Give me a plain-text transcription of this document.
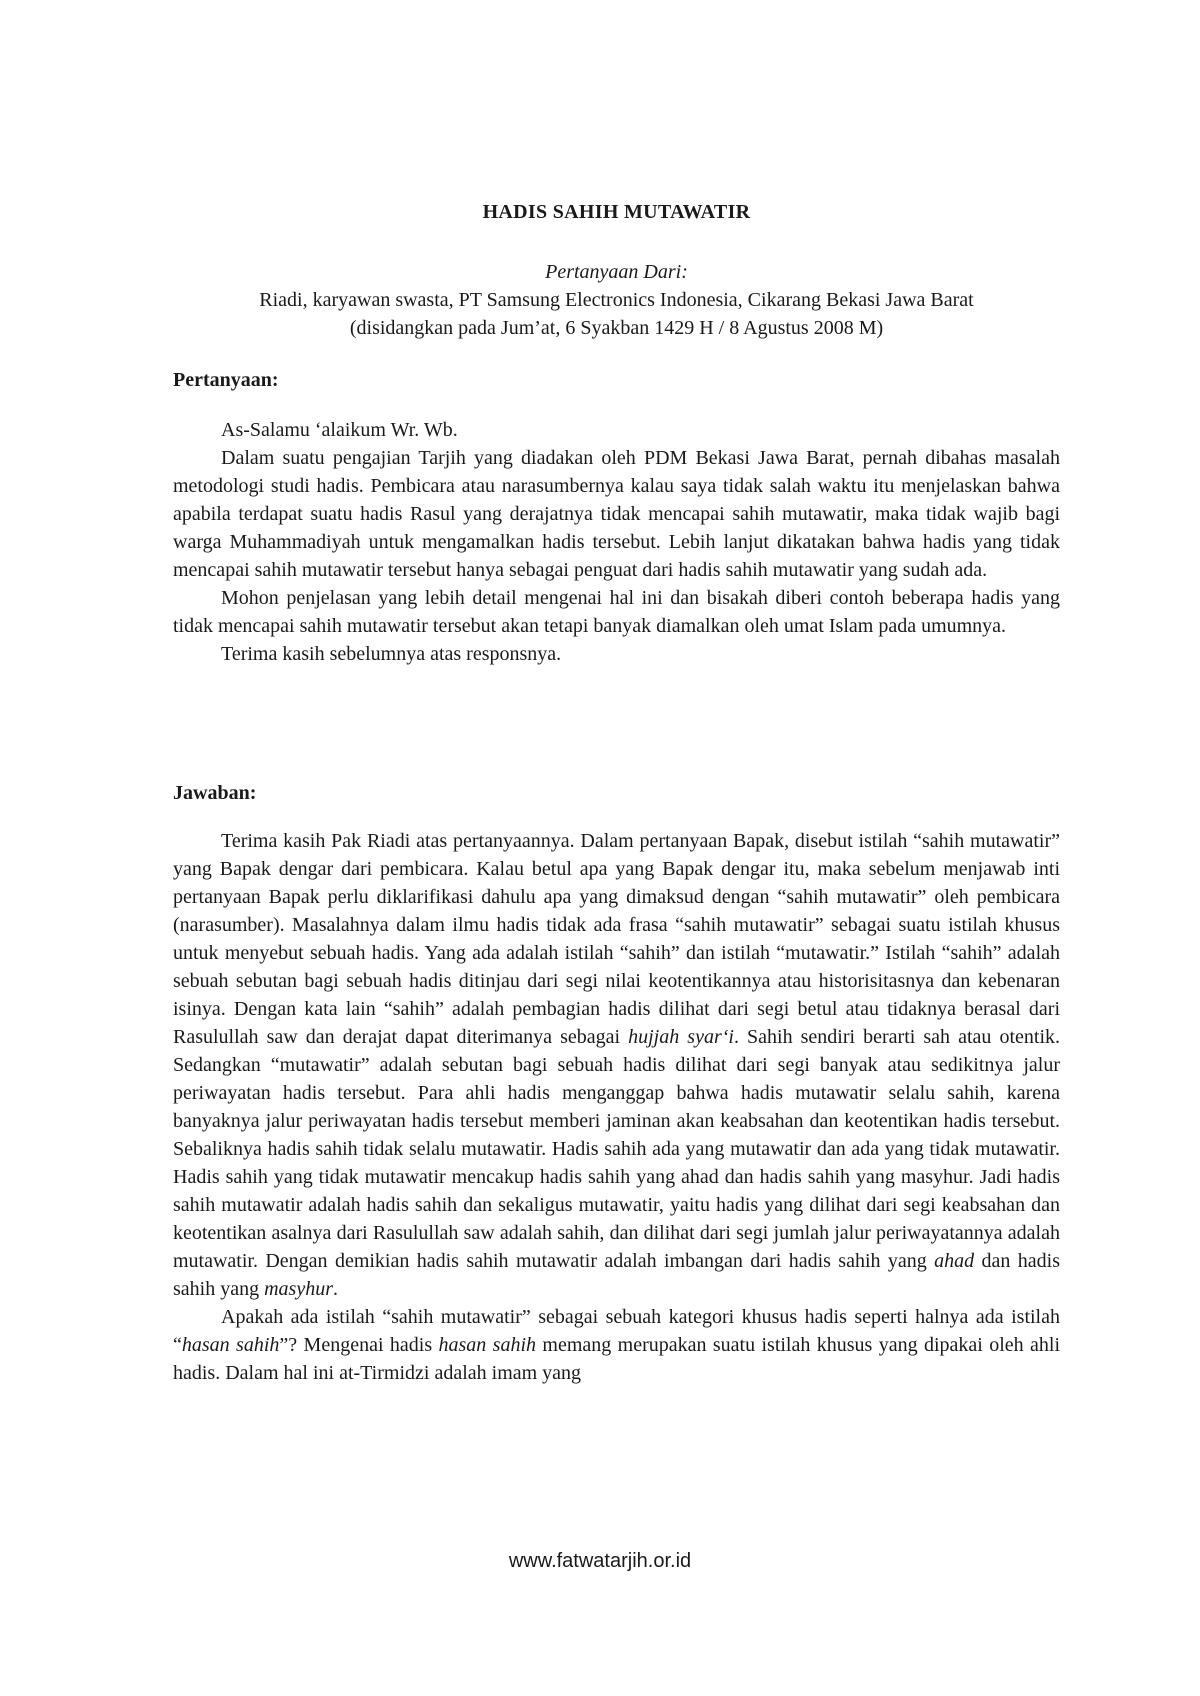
HADIS SAHIH MUTAWATIR
Pertanyaan Dari:
Riadi, karyawan swasta, PT Samsung Electronics Indonesia, Cikarang Bekasi Jawa Barat
(disidangkan pada Jum’at, 6 Syakban 1429 H / 8 Agustus 2008 M)
Pertanyaan:

As-Salamu ‘alaikum Wr. Wb.

Dalam suatu pengajian Tarjih yang diadakan oleh PDM Bekasi Jawa Barat, pernah dibahas masalah metodologi studi hadis. Pembicara atau narasumbernya kalau saya tidak salah waktu itu menjelaskan bahwa apabila terdapat suatu hadis Rasul yang derajatnya tidak mencapai sahih mutawatir, maka tidak wajib bagi warga Muhammadiyah untuk mengamalkan hadis tersebut. Lebih lanjut dikatakan bahwa hadis yang tidak mencapai sahih mutawatir tersebut hanya sebagai penguat dari hadis sahih mutawatir yang sudah ada.

Mohon penjelasan yang lebih detail mengenai hal ini dan bisakah diberi contoh beberapa hadis yang tidak mencapai sahih mutawatir tersebut akan tetapi banyak diamalkan oleh umat Islam pada umumnya.

Terima kasih sebelumnya atas responsnya.

Jawaban:

Terima kasih Pak Riadi atas pertanyaannya. Dalam pertanyaan Bapak, disebut istilah “sahih mutawatir” yang Bapak dengar dari pembicara. Kalau betul apa yang Bapak dengar itu, maka sebelum menjawab inti pertanyaan Bapak perlu diklarifikasi dahulu apa yang dimaksud dengan “sahih mutawatir” oleh pembicara (narasumber). Masalahnya dalam ilmu hadis tidak ada frasa “sahih mutawatir” sebagai suatu istilah khusus untuk menyebut sebuah hadis. Yang ada adalah istilah “sahih” dan istilah “mutawatir.” Istilah “sahih” adalah sebuah sebutan bagi sebuah hadis ditinjau dari segi nilai keotentikannya atau historisitasnya dan kebenaran isinya. Dengan kata lain “sahih” adalah pembagian hadis dilihat dari segi betul atau tidaknya berasal dari Rasulullah saw dan derajat dapat diterimanya sebagai hujjah syar‘i. Sahih sendiri berarti sah atau otentik. Sedangkan “mutawatir” adalah sebutan bagi sebuah hadis dilihat dari segi banyak atau sedikitnya jalur periwayatan hadis tersebut. Para ahli hadis menganggap bahwa hadis mutawatir selalu sahih, karena banyaknya jalur periwayatan hadis tersebut memberi jaminan akan keabsahan dan keotentikan hadis tersebut. Sebaliknya hadis sahih tidak selalu mutawatir. Hadis sahih ada yang mutawatir dan ada yang tidak mutawatir. Hadis sahih yang tidak mutawatir mencakup hadis sahih yang ahad dan hadis sahih yang masyhur. Jadi hadis sahih mutawatir adalah hadis sahih dan sekaligus mutawatir, yaitu hadis yang dilihat dari segi keabsahan dan keotentikan asalnya dari Rasulullah saw adalah sahih, dan dilihat dari segi jumlah jalur periwayatannya adalah mutawatir. Dengan demikian hadis sahih mutawatir adalah imbangan dari hadis sahih yang ahad dan hadis sahih yang masyhur.

Apakah ada istilah “sahih mutawatir” sebagai sebuah kategori khusus hadis seperti halnya ada istilah “hasan sahih”? Mengenai hadis hasan sahih memang merupakan suatu istilah khusus yang dipakai oleh ahli hadis. Dalam hal ini at-Tirmidzi adalah imam yang

www.fatwatarjih.or.id
